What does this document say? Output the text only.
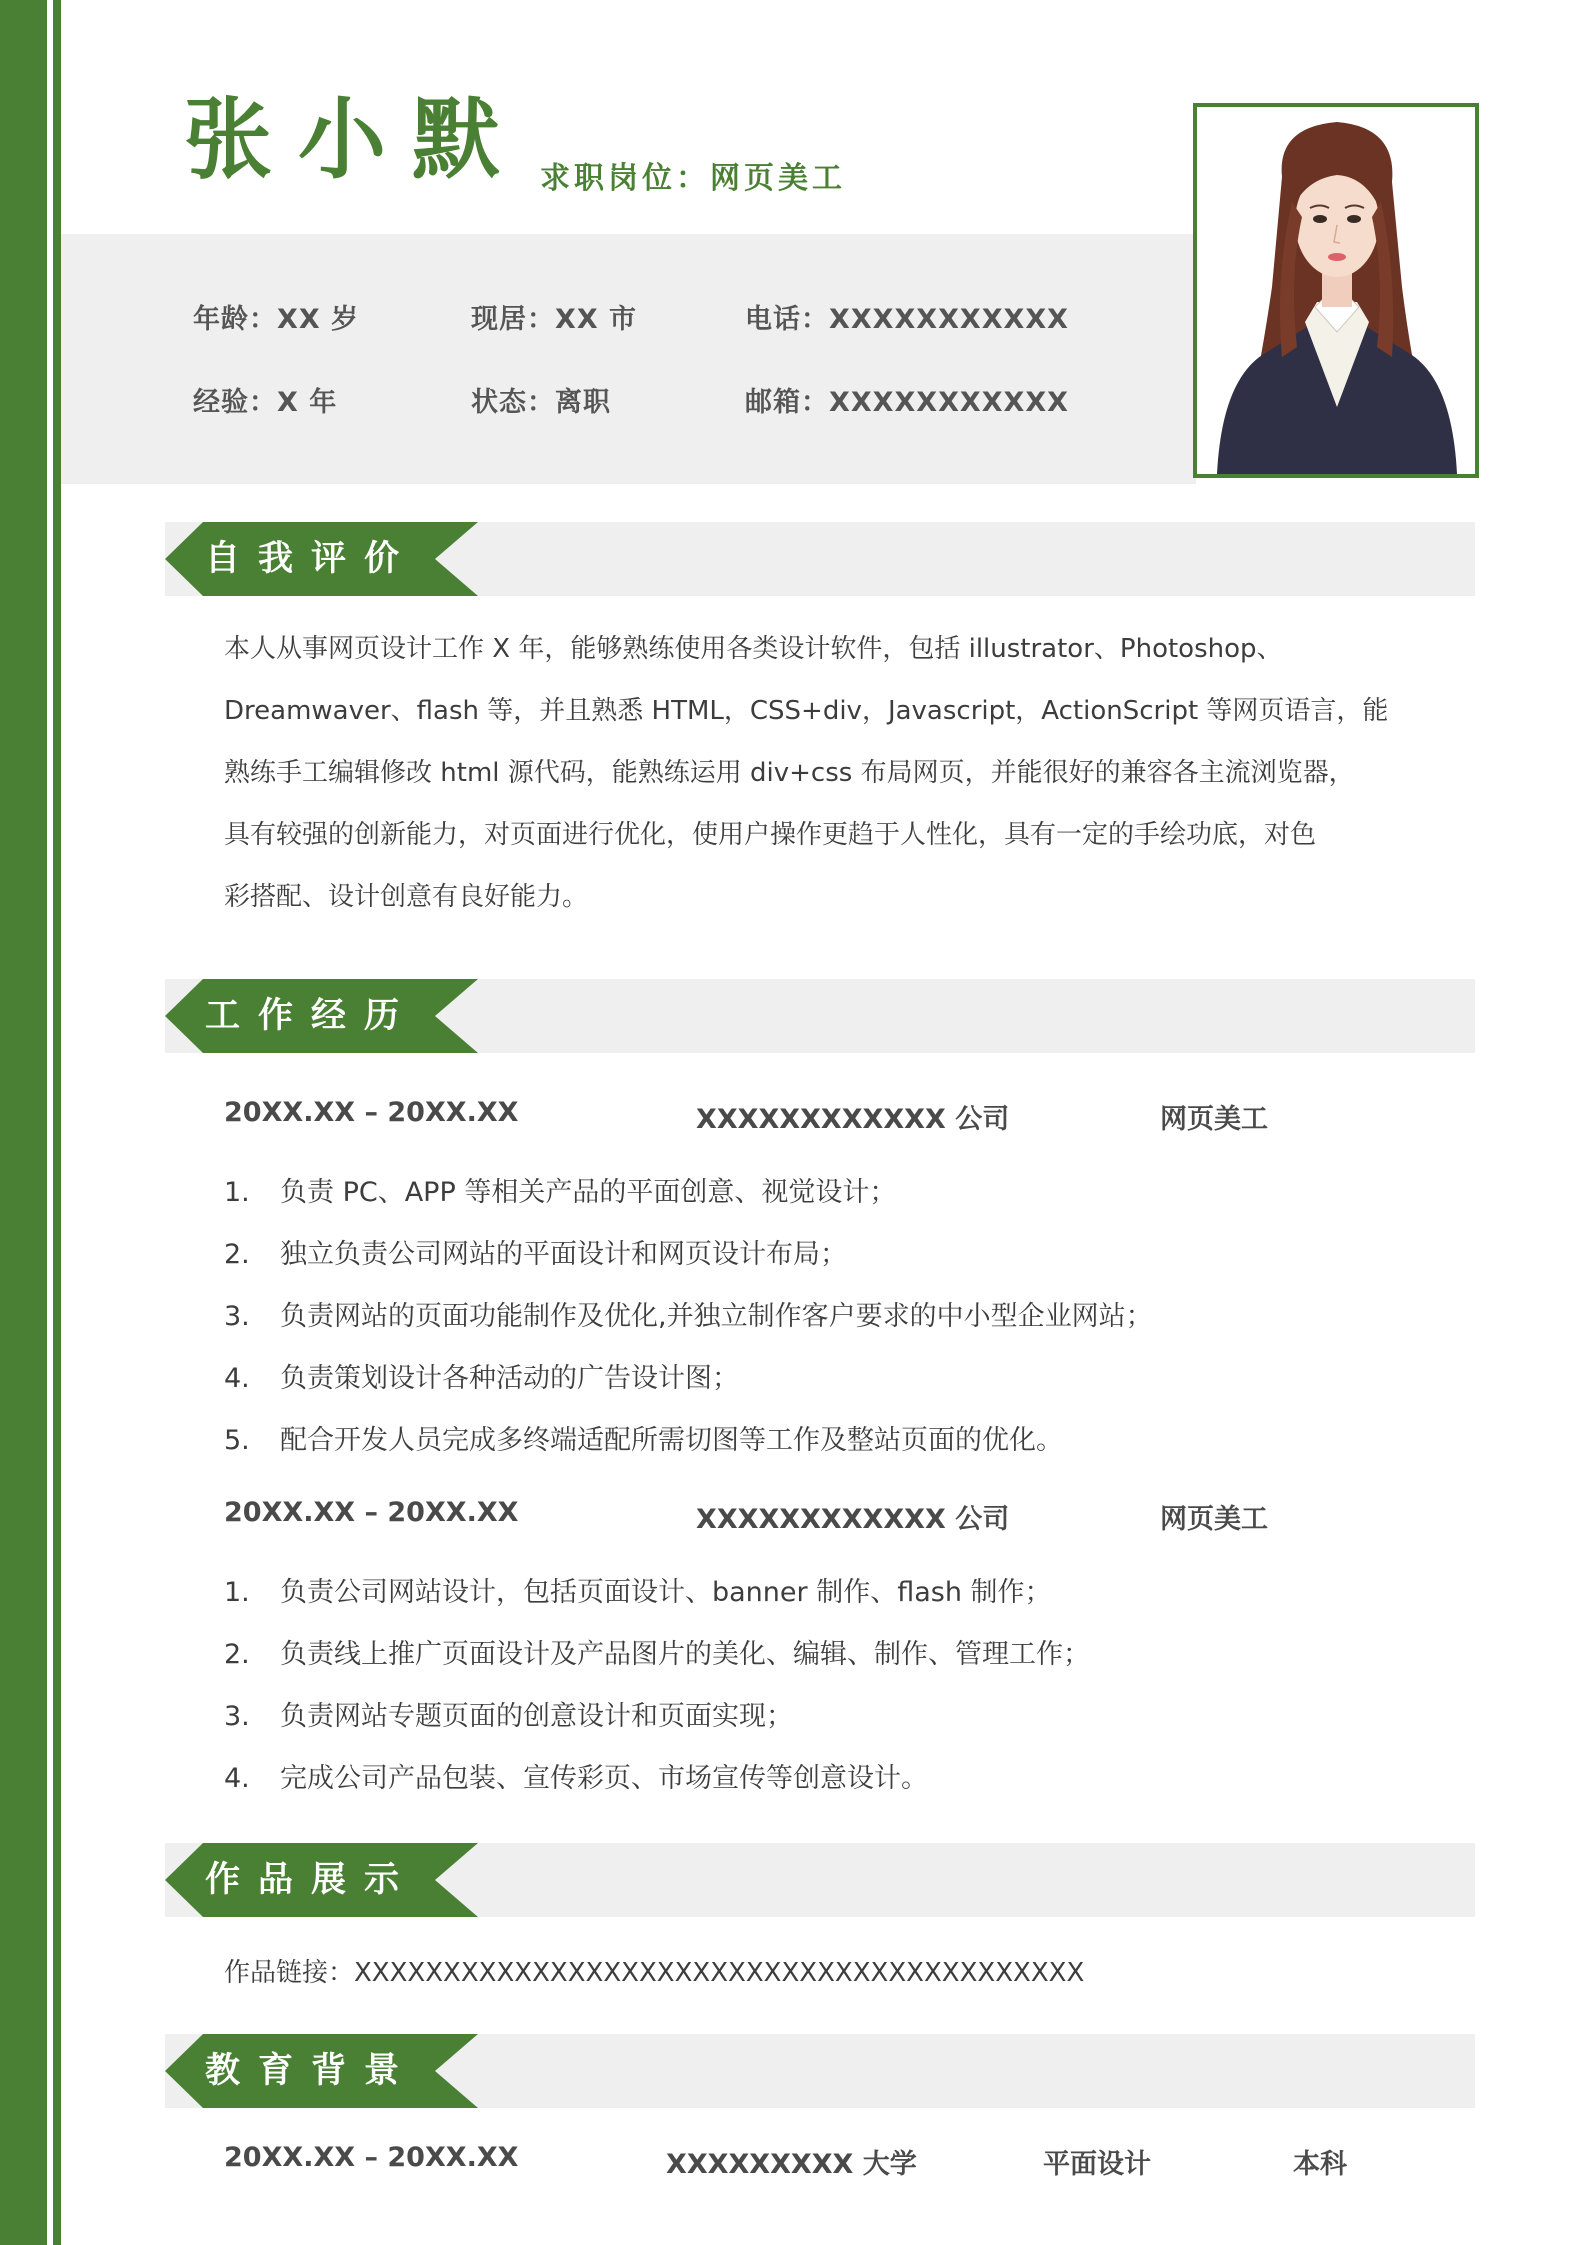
张小默 求职岗位：网页美工
年龄：XX 岁	现居：XX 市	电话：XXXXXXXXXXX
经验：X 年	状态：离职	邮箱：XXXXXXXXXXX
自我评价
本人从事网页设计工作 X 年，能够熟练使用各类设计软件，包括 illustrator、Photoshop、
Dreamwaver、flash 等，并且熟悉 HTML，CSS+div，Javascript，ActionScript 等网页语言，能
熟练手工编辑修改 html 源代码，能熟练运用 div+css 布局网页，并能很好的兼容各主流浏览器，
具有较强的创新能力，对页面进行优化，使用户操作更趋于人性化，具有一定的手绘功底，对色
彩搭配、设计创意有良好能力。
工作经历
20XX.XX – 20XX.XX	XXXXXXXXXXXX 公司	网页美工
1. 负责 PC、APP 等相关产品的平面创意、视觉设计；
2. 独立负责公司网站的平面设计和网页设计布局；
3. 负责网站的页面功能制作及优化,并独立制作客户要求的中小型企业网站；
4. 负责策划设计各种活动的广告设计图；
5. 配合开发人员完成多终端适配所需切图等工作及整站页面的优化。
20XX.XX – 20XX.XX	XXXXXXXXXXXX 公司	网页美工
1. 负责公司网站设计，包括页面设计、banner 制作、flash 制作；
2. 负责线上推广页面设计及产品图片的美化、编辑、制作、管理工作；
3. 负责网站专题页面的创意设计和页面实现；
4. 完成公司产品包装、宣传彩页、市场宣传等创意设计。
作品展示
作品链接：XXXXXXXXXXXXXXXXXXXXXXXXXXXXXXXXXXXXXXXXX
教育背景
20XX.XX – 20XX.XX	XXXXXXXXX 大学	平面设计	本科
